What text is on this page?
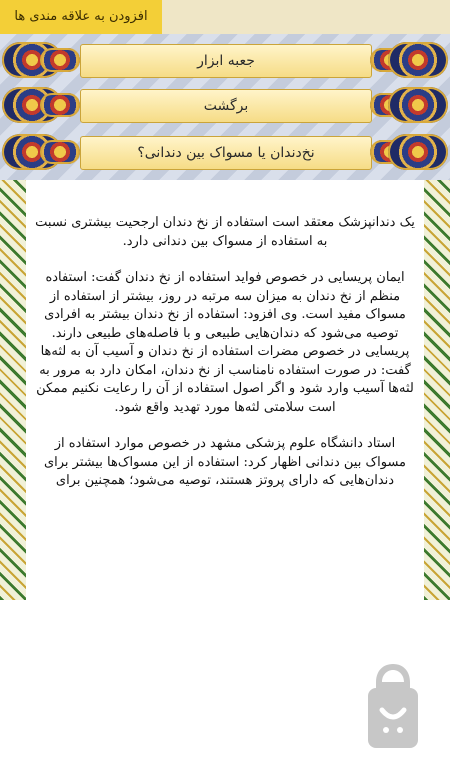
افزودن به علاقه مندی ها
جعبه ابزار
برگشت
نخ‌دندان یا مسواک بین دندانی؟

یک دندانپزشک معتقد است استفاده از نخ دندان ارجحیت بیشتری نسبت به استفاده از مسواک بین دندانی دارد.

ایمان پریسایی در خصوص فواید استفاده از نخ دندان گفت: استفاده منظم از نخ دندان به میزان سه مرتبه در روز، بیشتر از استفاده از مسواک مفید است. وی افزود: استفاده از نخ دندان بیشتر به افرادی توصیه می‌شود که دندان‌هایی طبیعی و با فاصله‌های طبیعی دارند. پریسایی در خصوص مضرات استفاده از نخ دندان و آسیب آن به لثه‌ها گفت: در صورت استفاده نامناسب از نخ دندان، امکان دارد به مرور به لثه‌ها آسیب وارد شود و اگر اصول استفاده از آن را رعایت نکنیم ممکن است سلامتی لثه‌ها مورد تهدید واقع شود.

استاد دانشگاه علوم پزشکی مشهد در خصوص موارد استفاده از مسواک بین دندانی اظهار کرد: استفاده از این مسواک‌ها بیشتر برای دندان‌هایی که دارای پروتز هستند، توصیه می‌شود؛ همچنین برای
